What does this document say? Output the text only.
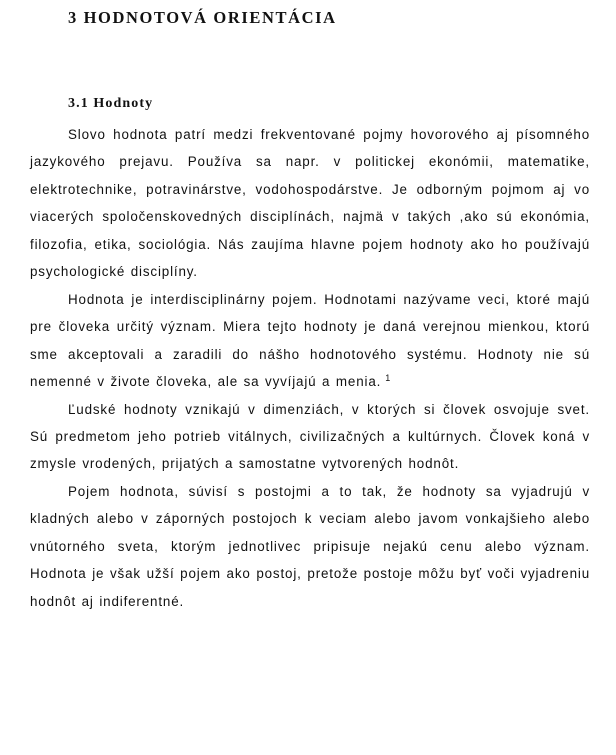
3 HODNOTOVÁ ORIENTÁCIA
3.1 Hodnoty

Slovo hodnota patrí medzi frekventované pojmy hovorového aj písomného jazykového prejavu. Používa sa napr. v politickej ekonómii, matematike, elektrotechnike, potravinárstve, vodohospodárstve. Je odborným pojmom aj vo viacerých spoločenskovedných disciplínách, najmä v takých ,ako sú ekonómia, filozofia, etika, sociológia. Nás zaujíma hlavne pojem hodnoty ako ho používajú psychologické disciplíny.

Hodnota je interdisciplinárny pojem. Hodnotami nazývame veci, ktoré majú pre človeka určitý význam. Miera tejto hodnoty je daná verejnou mienkou, ktorú sme akceptovali a zaradili do nášho hodnotového systému. Hodnoty nie sú nemenné v živote človeka, ale sa vyvíjajú a menia. $^1$

Ľudské hodnoty vznikajú v dimenziách, v ktorých si človek osvojuje svet. Sú predmetom jeho potrieb vitálnych, civilizačných a kultúrnych. Človek koná v zmysle vrodených, prijatých a samostatne vytvorených hodnôt.

Pojem hodnota, súvisí s postojmi a to tak, že hodnoty sa vyjadrujú v kladných alebo v záporných postojoch k veciam alebo javom vonkajšieho alebo vnútorného sveta, ktorým jednotlivec pripisuje nejakú cenu alebo význam. Hodnota je však užší pojem ako postoj, pretože postoje môžu byť voči vyjadreniu hodnôt aj indiferentné.
